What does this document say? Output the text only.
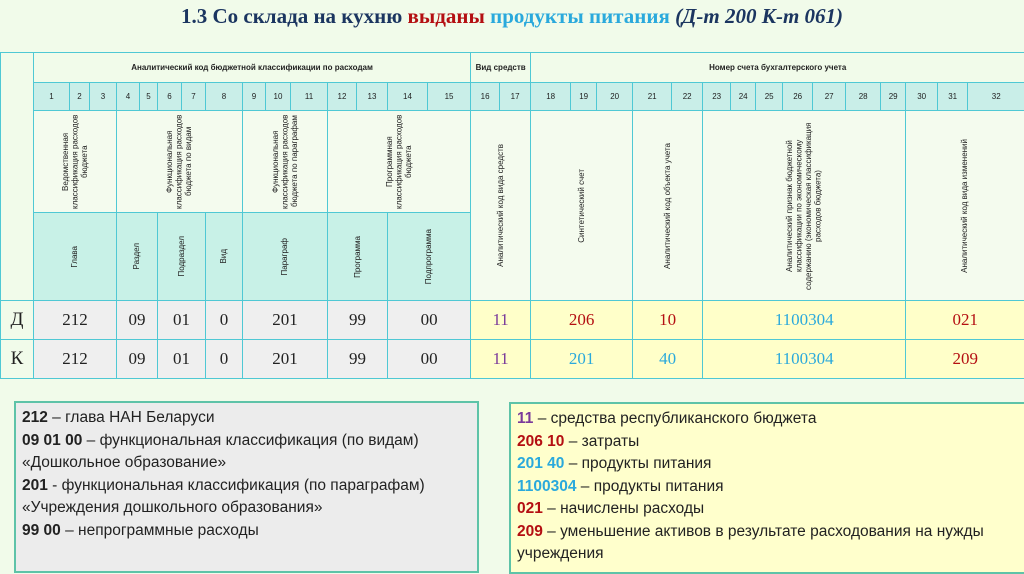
1.3 Со склада на кухню выданы продукты питания (Д-т 200 К-т 061)
	Аналитический код бюджетной классификации по расходам															Вид средств		Номер счета бухгалтерского учета														
	1	2	3	4	5	6	7	8	9	10	11	12	13	14	15	16	17	18	19	20	21	22	23	24	25	26	27	28	29	30	31	32

	Ведомственная классификация расходов бюджета			Функциональная классификация расходов бюджета по видам					Функциональная классификация расходов бюджета по параграфам			Программная классификация расходов бюджета				Аналитический код вида средств		Синтетический счет			Аналитический код объекта учета		Аналитический признак бюджетной классификации по экономическому содержанию (экономическая классификация расходов бюджета)							Аналитический код вида изменений		

	Глава			Раздел		Подраздел		Вид	Параграф			Программа		Подпрограмма																		

Д	212			09		01		0	201			99		00		11		206			10		1100304							021		
К	212			09		01		0	201			99		00		11		201			40		1100304							209		
212 – глава НАН Беларуси
09 01 00 – функциональная классификация (по видам) «Дошкольное образование»
201 - функциональная классификация (по параграфам) «Учреждения дошкольного образования»
99 00 – непрограммные расходы
11 – средства республиканского бюджета
206 10 – затраты
201 40 – продукты питания
1100304 – продукты питания
021 – начислены расходы
209 – уменьшение активов в результате расходования на нужды учреждения
